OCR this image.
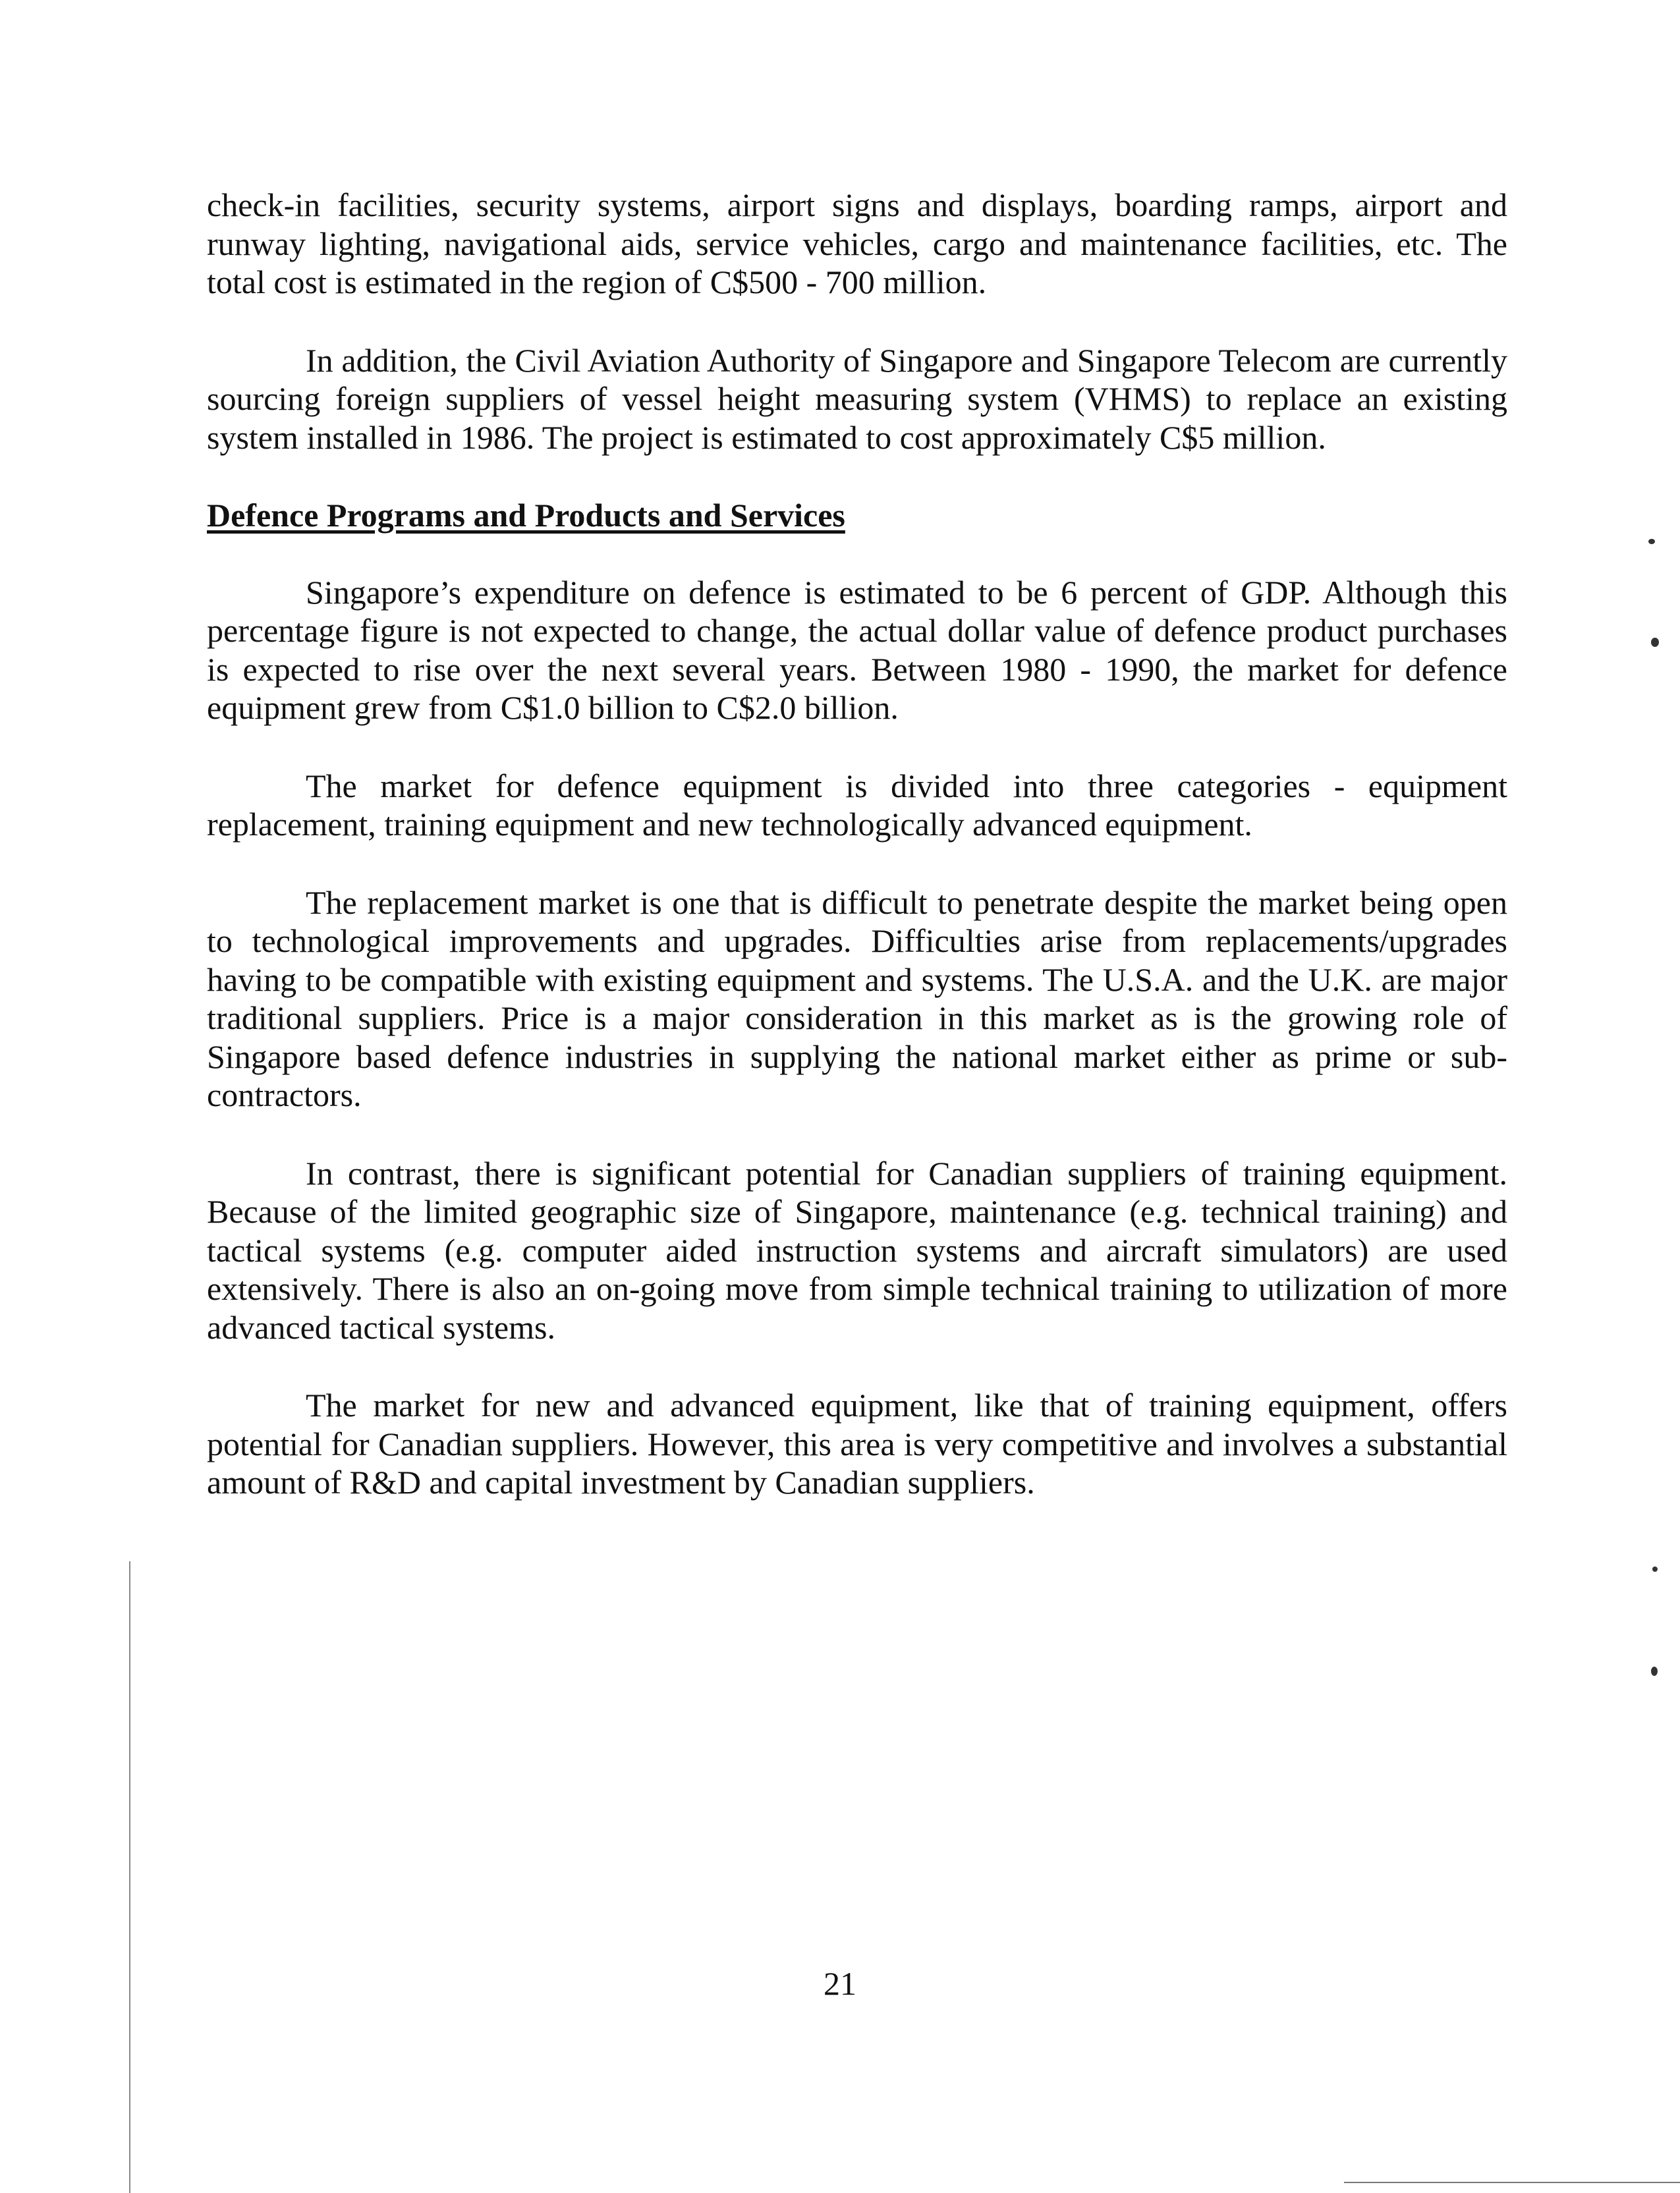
check-in facilities, security systems, airport signs and displays, boarding ramps, airport and runway lighting, navigational aids, service vehicles, cargo and maintenance facilities, etc. The total cost is estimated in the region of C$500 - 700 million.

In addition, the Civil Aviation Authority of Singapore and Singapore Telecom are currently sourcing foreign suppliers of vessel height measuring system (VHMS) to replace an existing system installed in 1986. The project is estimated to cost approximately C$5 million.

Defence Programs and Products and Services

Singapore’s expenditure on defence is estimated to be 6 percent of GDP. Although this percentage figure is not expected to change, the actual dollar value of defence product purchases is expected to rise over the next several years. Between 1980 - 1990, the market for defence equipment grew from C$1.0 billion to C$2.0 billion.

The market for defence equipment is divided into three categories - equipment replacement, training equipment and new technologically advanced equipment.

The replacement market is one that is difficult to penetrate despite the market being open to technological improvements and upgrades. Difficulties arise from replacements/upgrades having to be compatible with existing equipment and systems. The U.S.A. and the U.K. are major traditional suppliers. Price is a major consideration in this market as is the growing role of Singapore based defence industries in supplying the national market either as prime or sub-contractors.

In contrast, there is significant potential for Canadian suppliers of training equipment. Because of the limited geographic size of Singapore, maintenance (e.g. technical training) and tactical systems (e.g. computer aided instruction systems and aircraft simulators) are used extensively. There is also an on-going move from simple technical training to utilization of more advanced tactical systems.

The market for new and advanced equipment, like that of training equipment, offers potential for Canadian suppliers. However, this area is very competitive and involves a substantial amount of R&D and capital investment by Canadian suppliers.

21
